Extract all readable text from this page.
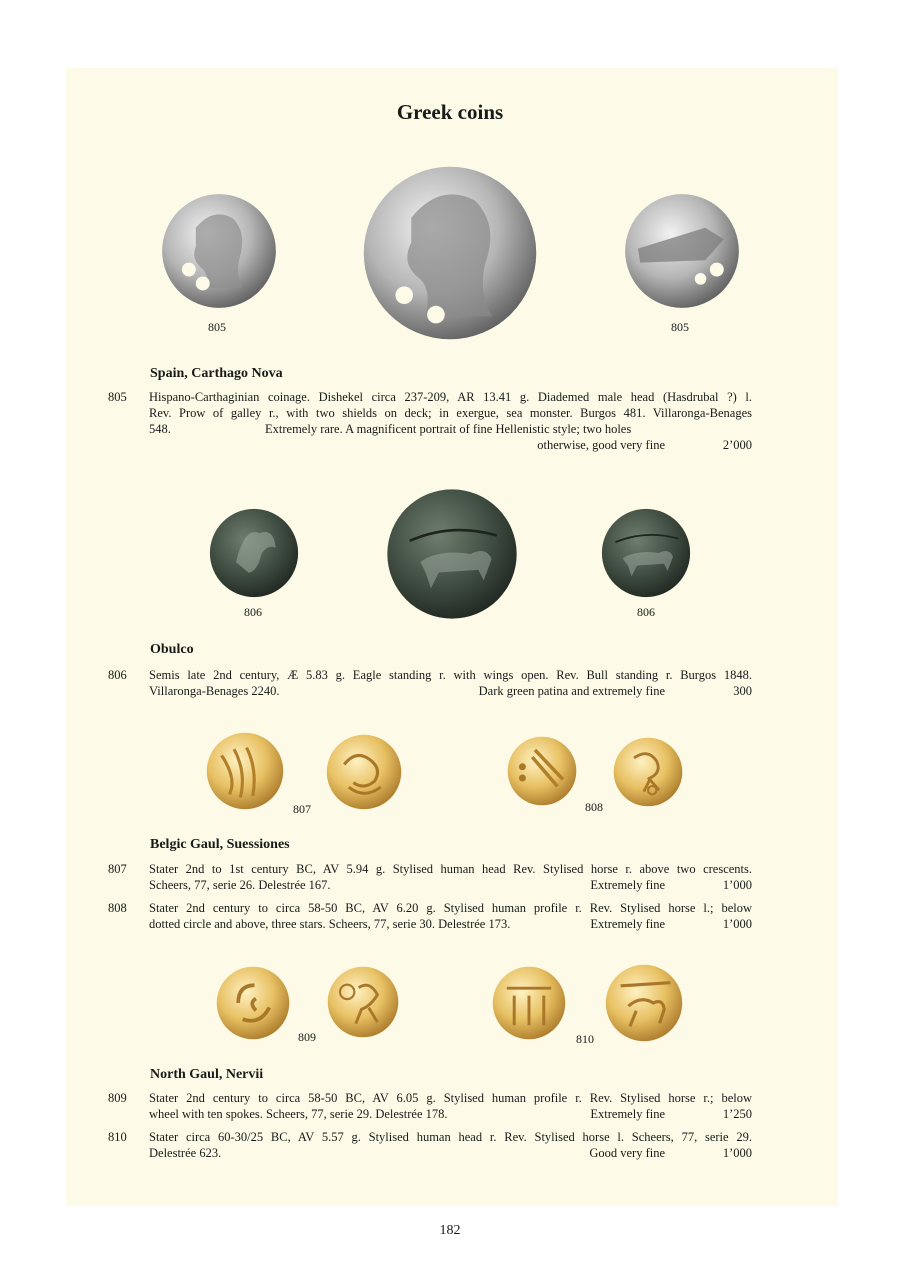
Greek coins
805	805
Spain, Carthago Nova
805 Hispano-Carthaginian coinage. Dishekel circa 237-209, AR 13.41 g. Diademed male head (Hasdrubal ?) l.
Rev. Prow of galley r., with two shields on deck; in exergue, sea monster. Burgos 481. Villaronga-Benages
548.	Extremely rare. A magnificent portrait of fine Hellenistic style; two holes
otherwise, good very fine	2’000
806	806
Obulco
806 Semis late 2nd century, Æ 5.83 g. Eagle standing r. with wings open. Rev. Bull standing r. Burgos 1848.
Villaronga-Benages 2240.	Dark green patina and extremely fine	300
807	808
Belgic Gaul, Suessiones
807 Stater 2nd to 1st century BC, AV 5.94 g. Stylised human head Rev. Stylised horse r. above two crescents.
Scheers, 77, serie 26. Delestrée 167.	Extremely fine	1’000
808 Stater 2nd century to circa 58-50 BC, AV 6.20 g. Stylised human profile r. Rev. Stylised horse l.; below
dotted circle and above, three stars. Scheers, 77, serie 30. Delestrée 173.	Extremely fine	1’000
809	810
North Gaul, Nervii
809 Stater 2nd century to circa 58-50 BC, AV 6.05 g. Stylised human profile r. Rev. Stylised horse r.; below
wheel with ten spokes. Scheers, 77, serie 29. Delestrée 178.	Extremely fine	1’250
810 Stater circa 60-30/25 BC, AV 5.57 g. Stylised human head r. Rev. Stylised horse l. Scheers, 77, serie 29.
Delestrée 623.	Good very fine	1’000
182
